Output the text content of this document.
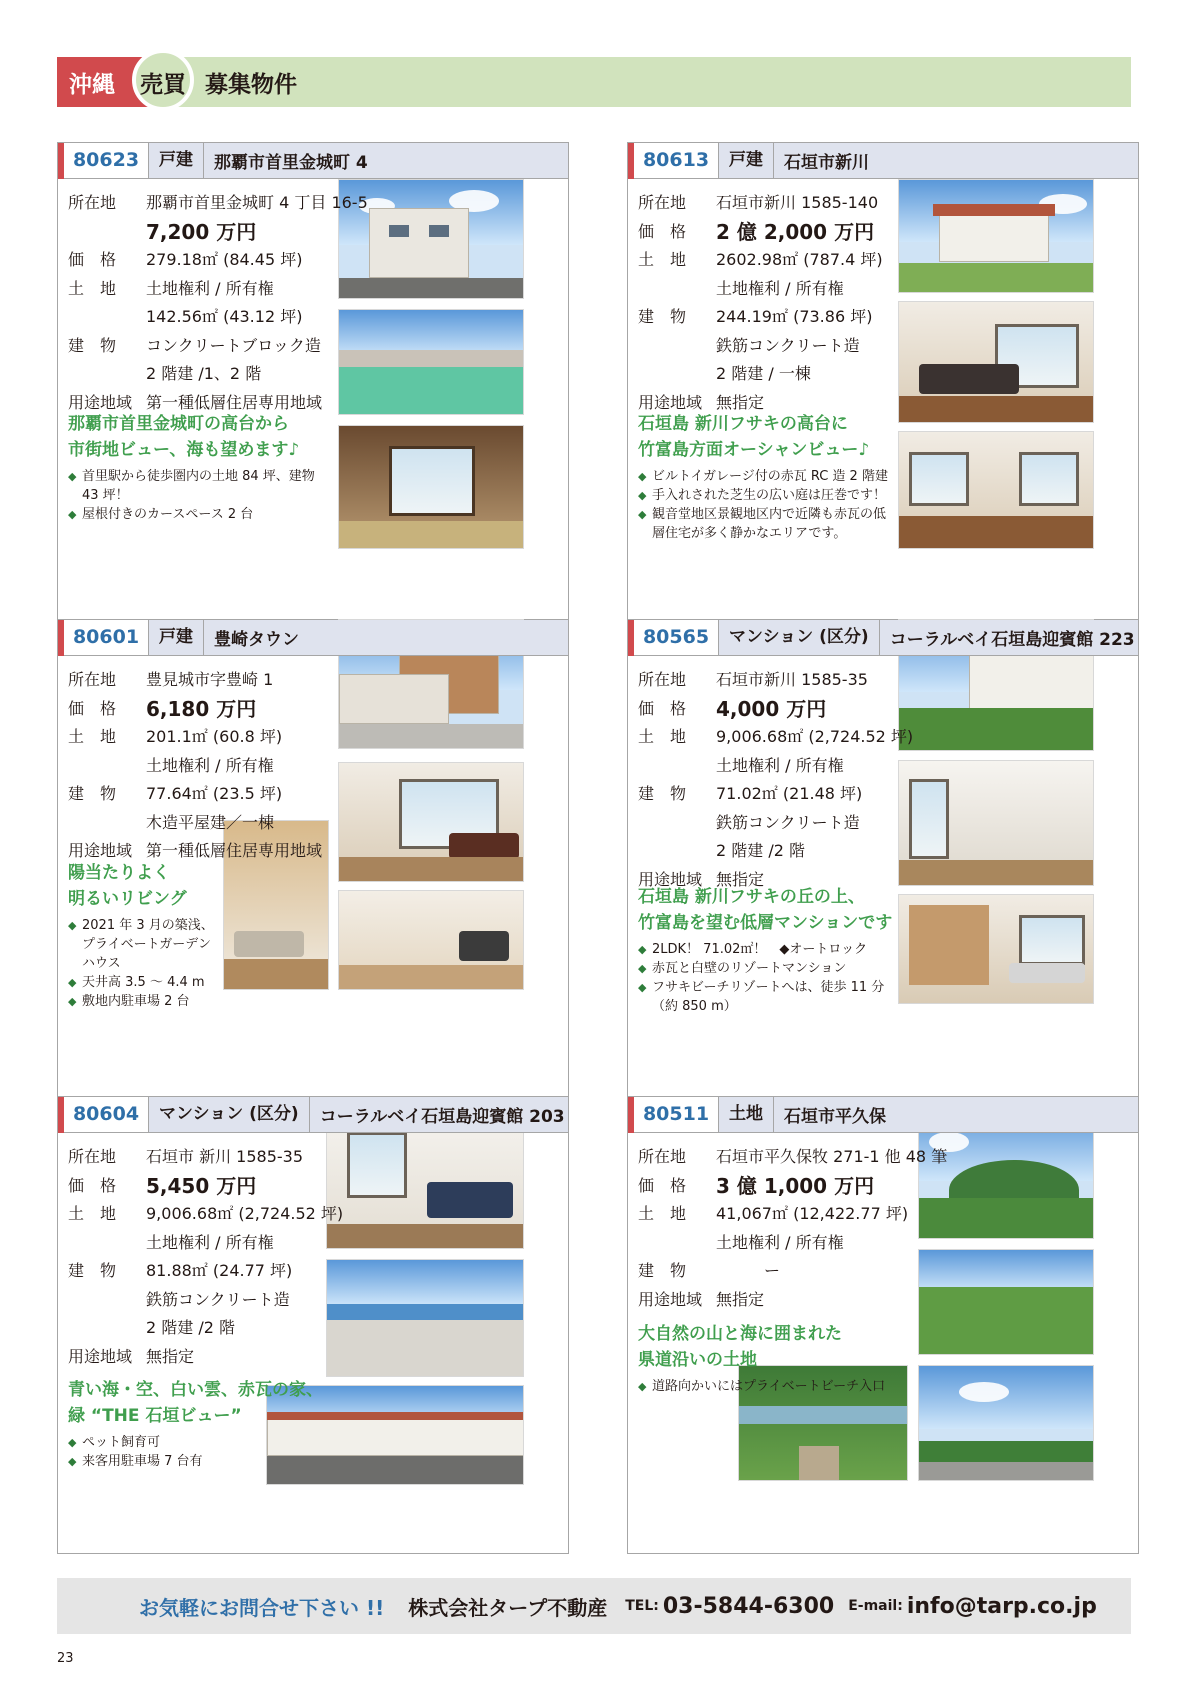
沖縄 売買 募集物件
80623	戸建	那覇市首里金城町 4
所在地	那覇市首里金城町 4 丁目 16-5
7,200 万円
価　格	279.18㎡ (84.45 坪)
土　地	土地権利 / 所有権
142.56㎡ (43.12 坪)
建　物	コンクリートブロック造
2 階建 /1、2 階
用途地域 第一種低層住居専用地域
那覇市首里金城町の高台から
市街地ビュー、海も望めます♪
◆ 首里駅から徒歩圏内の土地 84 坪、建物 43 坪！
◆ 屋根付きのカースペース 2 台
80613	戸建	石垣市新川
所在地	石垣市新川 1585-140
価　格	2 億 2,000 万円
土　地	2602.98㎡ (787.4 坪)
土地権利 / 所有権
建　物	244.19㎡ (73.86 坪)
鉄筋コンクリート造
2 階建 / 一棟
用途地域 無指定
石垣島 新川フサキの高台に
竹富島方面オーシャンビュー♪
◆ ビルトイガレージ付の赤瓦 RC 造 2 階建
◆ 手入れされた芝生の広い庭は圧巻です！
◆ 観音堂地区景観地区内で近隣も赤瓦の低層住宅が多く静かなエリアです。
80601	戸建	豊崎タウン
所在地	豊見城市字豊崎 1
価　格	6,180 万円
土　地	201.1㎡ (60.8 坪)
土地権利 / 所有権
建　物	77.64㎡ (23.5 坪)
木造平屋建／一棟
用途地域 第一種低層住居専用地域
陽当たりよく
明るいリビング
◆ 2021 年 3 月の築浅、プライベートガーデンハウス
◆ 天井高 3.5 ～ 4.4 m
◆ 敷地内駐車場 2 台
80565	マンション (区分)	コーラルベイ石垣島迎賓館 223
所在地	石垣市新川 1585-35
価　格	4,000 万円
土　地	9,006.68㎡ (2,724.52 坪)
土地権利 / 所有権
建　物	71.02㎡ (21.48 坪)
鉄筋コンクリート造
2 階建 /2 階
用途地域 無指定
石垣島 新川フサキの丘の上、
竹富島を望む低層マンションです
◆ 2LDK！ 71.02㎡！　◆オートロック
◆ 赤瓦と白壁のリゾートマンション
◆ フサキビーチリゾートへは、徒歩 11 分（約 850 m）
80604	マンション (区分)	コーラルベイ石垣島迎賓館 203
所在地	石垣市 新川 1585-35
価　格	5,450 万円
土　地	9,006.68㎡ (2,724.52 坪)
土地権利 / 所有権
建　物	81.88㎡ (24.77 坪)
鉄筋コンクリート造
2 階建 /2 階
用途地域 無指定
青い海・空、白い雲、赤瓦の家、
緑 “THE 石垣ビュー”
◆ ペット飼育可
◆ 来客用駐車場 7 台有
80511	土地	石垣市平久保
所在地	石垣市平久保牧 271-1 他 48 筆
価　格	3 億 1,000 万円
土　地	41,067㎡ (12,422.77 坪)
土地権利 / 所有権
建　物	　　　ー
用途地域 無指定
大自然の山と海に囲まれた
県道沿いの土地
◆ 道路向かいにはプライベートビーチ入口
お気軽にお問合せ下さい !! 株式会社タープ不動産 TEL: 03-5844-6300 E-mail: info@tarp.co.jp
23
